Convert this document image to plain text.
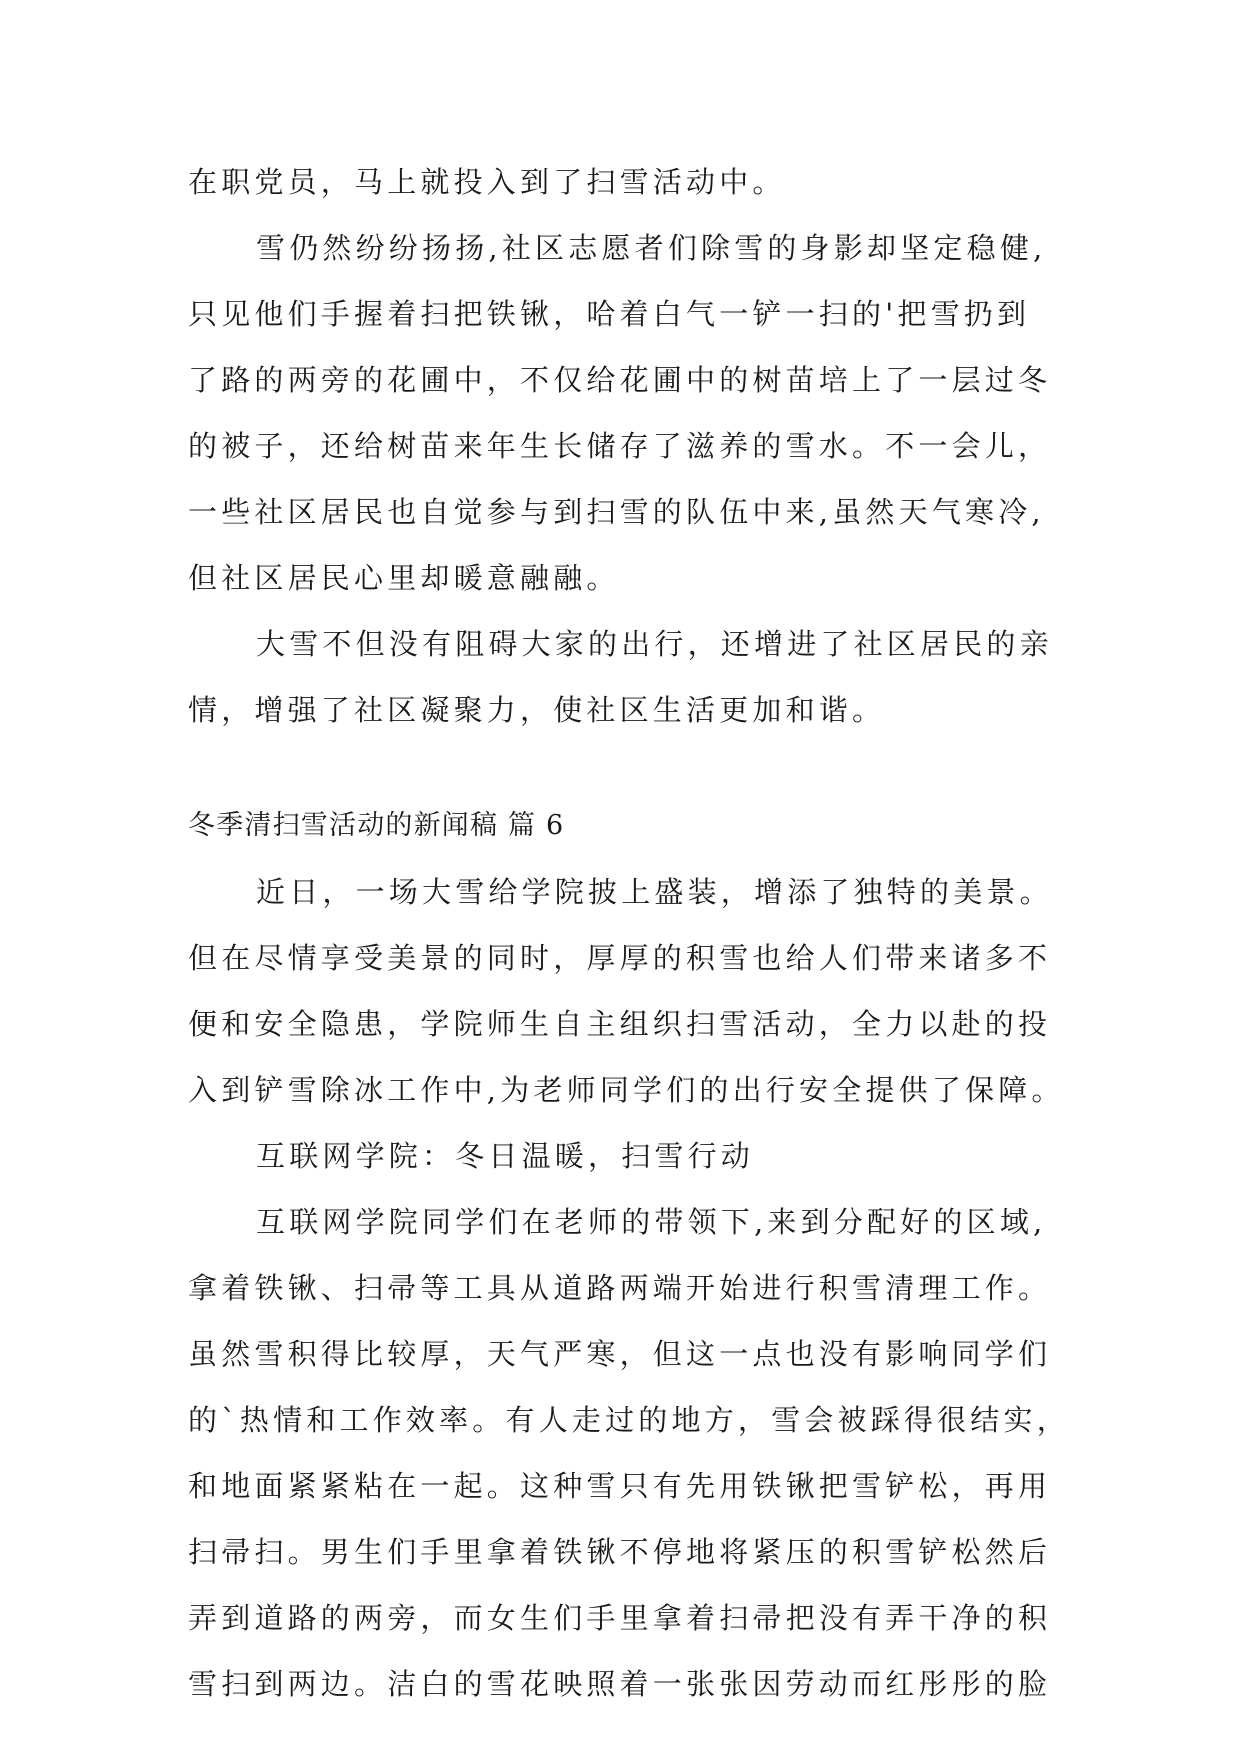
在职党员，马上就投入到了扫雪活动中。
雪仍然纷纷扬扬,社区志愿者们除雪的身影却坚定稳健,
只见他们手握着扫把铁锹，哈着白气一铲一扫的'把雪扔到
了路的两旁的花圃中，不仅给花圃中的树苗培上了一层过冬
的被子，还给树苗来年生长储存了滋养的雪水。不一会儿，
一些社区居民也自觉参与到扫雪的队伍中来,虽然天气寒冷,
但社区居民心里却暖意融融。
大雪不但没有阻碍大家的出行，还增进了社区居民的亲
情，增强了社区凝聚力，使社区生活更加和谐。
冬季清扫雪活动的新闻稿 篇 6
近日，一场大雪给学院披上盛装，增添了独特的美景。
但在尽情享受美景的同时，厚厚的积雪也给人们带来诸多不
便和安全隐患，学院师生自主组织扫雪活动，全力以赴的投
入到铲雪除冰工作中,为老师同学们的出行安全提供了保障。
互联网学院：冬日温暖，扫雪行动
互联网学院同学们在老师的带领下,来到分配好的区域,
拿着铁锹、扫帚等工具从道路两端开始进行积雪清理工作。
虽然雪积得比较厚，天气严寒，但这一点也没有影响同学们
的`热情和工作效率。有人走过的地方，雪会被踩得很结实，
和地面紧紧粘在一起。这种雪只有先用铁锹把雪铲松，再用
扫帚扫。男生们手里拿着铁锹不停地将紧压的积雪铲松然后
弄到道路的两旁，而女生们手里拿着扫帚把没有弄干净的积
雪扫到两边。洁白的雪花映照着一张张因劳动而红彤彤的脸
